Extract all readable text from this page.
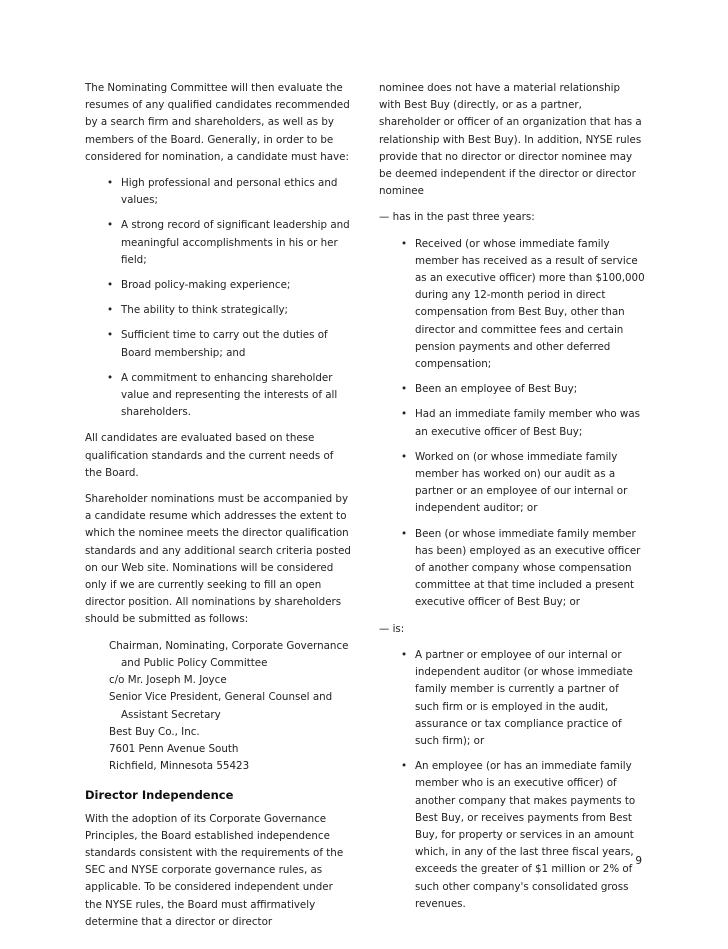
The Nominating Committee will then evaluate the resumes of any qualified candidates recommended by a search firm and shareholders, as well as by members of the Board. Generally, in order to be considered for nomination, a candidate must have:

• High professional and personal ethics and values;
• A strong record of significant leadership and meaningful accomplishments in his or her field;
• Broad policy-making experience;
• The ability to think strategically;
• Sufficient time to carry out the duties of Board membership; and
• A commitment to enhancing shareholder value and representing the interests of all shareholders.

All candidates are evaluated based on these qualification standards and the current needs of the Board.

Shareholder nominations must be accompanied by a candidate resume which addresses the extent to which the nominee meets the director qualification standards and any additional search criteria posted on our Web site. Nominations will be considered only if we are currently seeking to fill an open director position. All nominations by shareholders should be submitted as follows:

Chairman, Nominating, Corporate Governance and Public Policy Committee
c/o Mr. Joseph M. Joyce
Senior Vice President, General Counsel and Assistant Secretary
Best Buy Co., Inc.
7601 Penn Avenue South
Richfield, Minnesota 55423
Director Independence

With the adoption of its Corporate Governance Principles, the Board established independence standards consistent with the requirements of the SEC and NYSE corporate governance rules, as applicable. To be considered independent under the NYSE rules, the Board must affirmatively determine that a director or director

nominee does not have a material relationship with Best Buy (directly, or as a partner, shareholder or officer of an organization that has a relationship with Best Buy). In addition, NYSE rules provide that no director or director nominee may be deemed independent if the director or director nominee

— has in the past three years:

• Received (or whose immediate family member has received as a result of service as an executive officer) more than $100,000 during any 12-month period in direct compensation from Best Buy, other than director and committee fees and certain pension payments and other deferred compensation;
• Been an employee of Best Buy;
• Had an immediate family member who was an executive officer of Best Buy;
• Worked on (or whose immediate family member has worked on) our audit as a partner or an employee of our internal or independent auditor; or
• Been (or whose immediate family member has been) employed as an executive officer of another company whose compensation committee at that time included a present executive officer of Best Buy; or

— is:

• A partner or employee of our internal or independent auditor (or whose immediate family member is currently a partner of such firm or is employed in the audit, assurance or tax compliance practice of such firm); or
• An employee (or has an immediate family member who is an executive officer) of another company that makes payments to Best Buy, or receives payments from Best Buy, for property or services in an amount which, in any of the last three fiscal years, exceeds the greater of $1 million or 2% of such other company's consolidated gross revenues.
9
